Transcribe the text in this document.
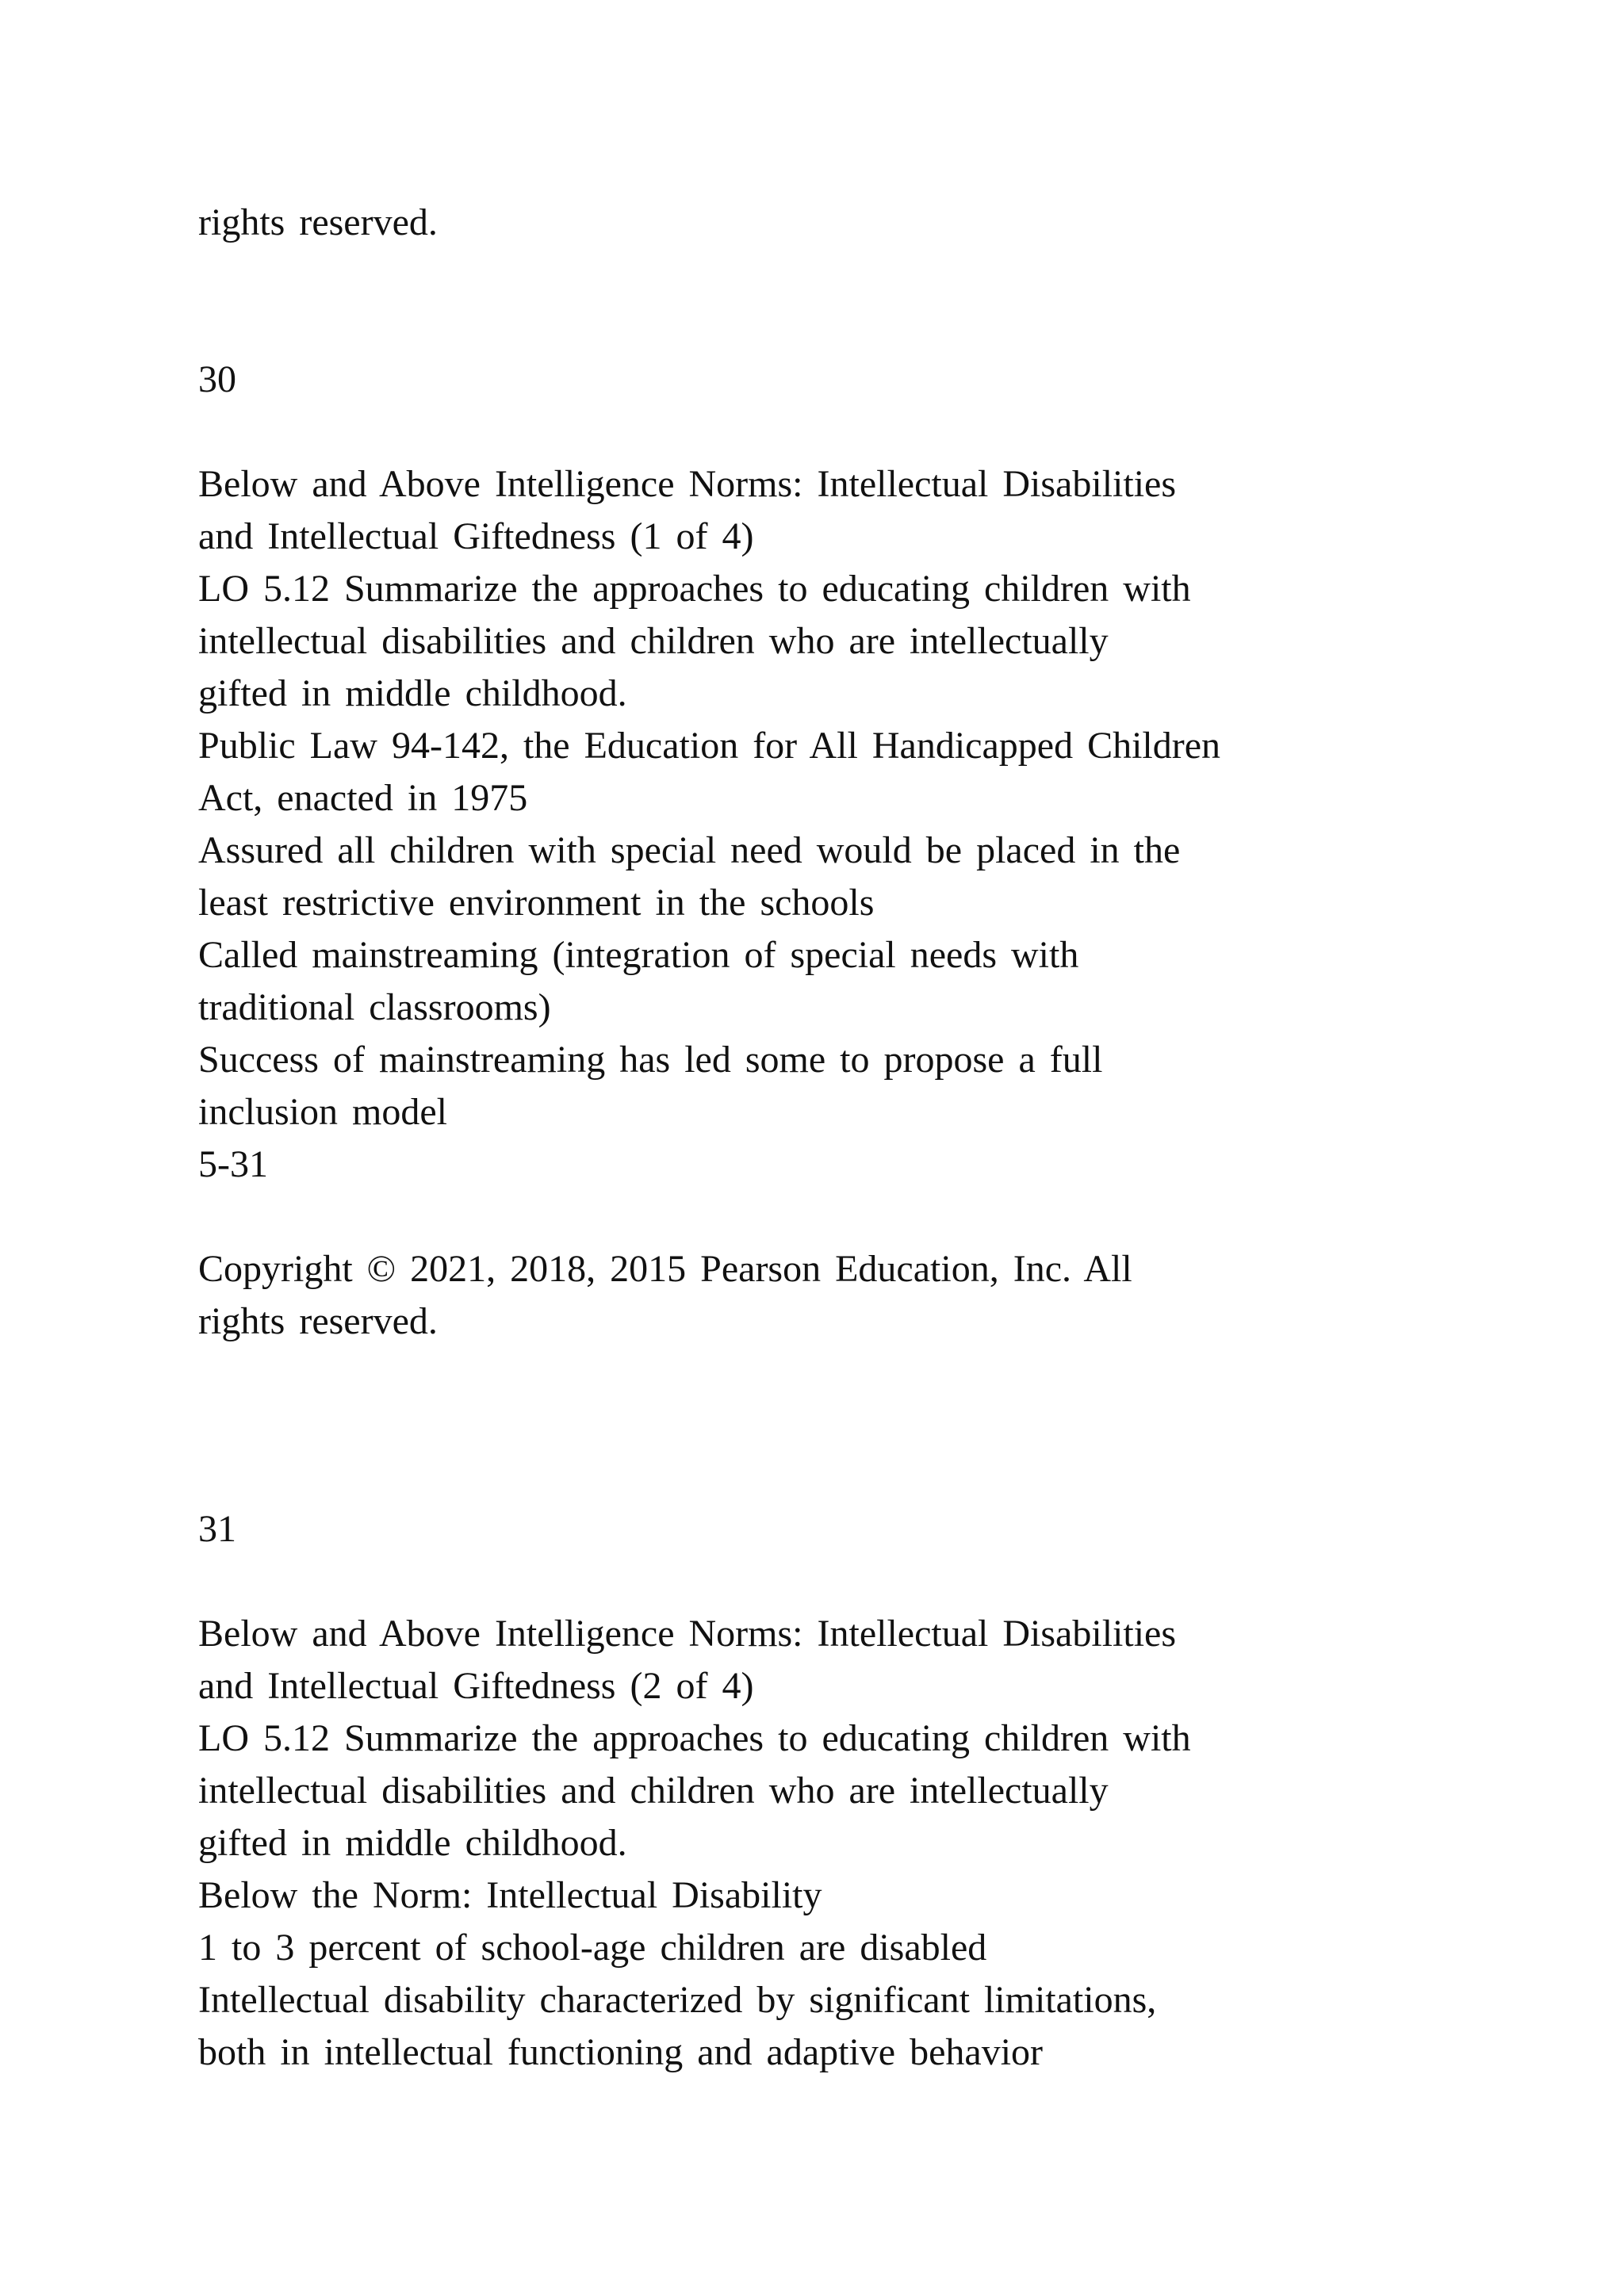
rights reserved.
30
Below and Above Intelligence Norms: Intellectual Disabilities
and Intellectual Giftedness (1 of 4)
LO 5.12 Summarize the approaches to educating children with
intellectual disabilities and children who are intellectually
gifted in middle childhood.
Public Law 94-142, the Education for All Handicapped Children
Act, enacted in 1975
Assured all children with special need would be placed in the
least restrictive environment in the schools
Called mainstreaming (integration of special needs with
traditional classrooms)
Success of mainstreaming has led some to propose a full
inclusion model
5-31
Copyright © 2021, 2018, 2015 Pearson Education, Inc. All
rights reserved.
31
Below and Above Intelligence Norms: Intellectual Disabilities
and Intellectual Giftedness (2 of 4)
LO 5.12 Summarize the approaches to educating children with
intellectual disabilities and children who are intellectually
gifted in middle childhood.
Below the Norm: Intellectual Disability
1 to 3 percent of school-age children are disabled
Intellectual disability characterized by significant limitations,
both in intellectual functioning and adaptive behavior
